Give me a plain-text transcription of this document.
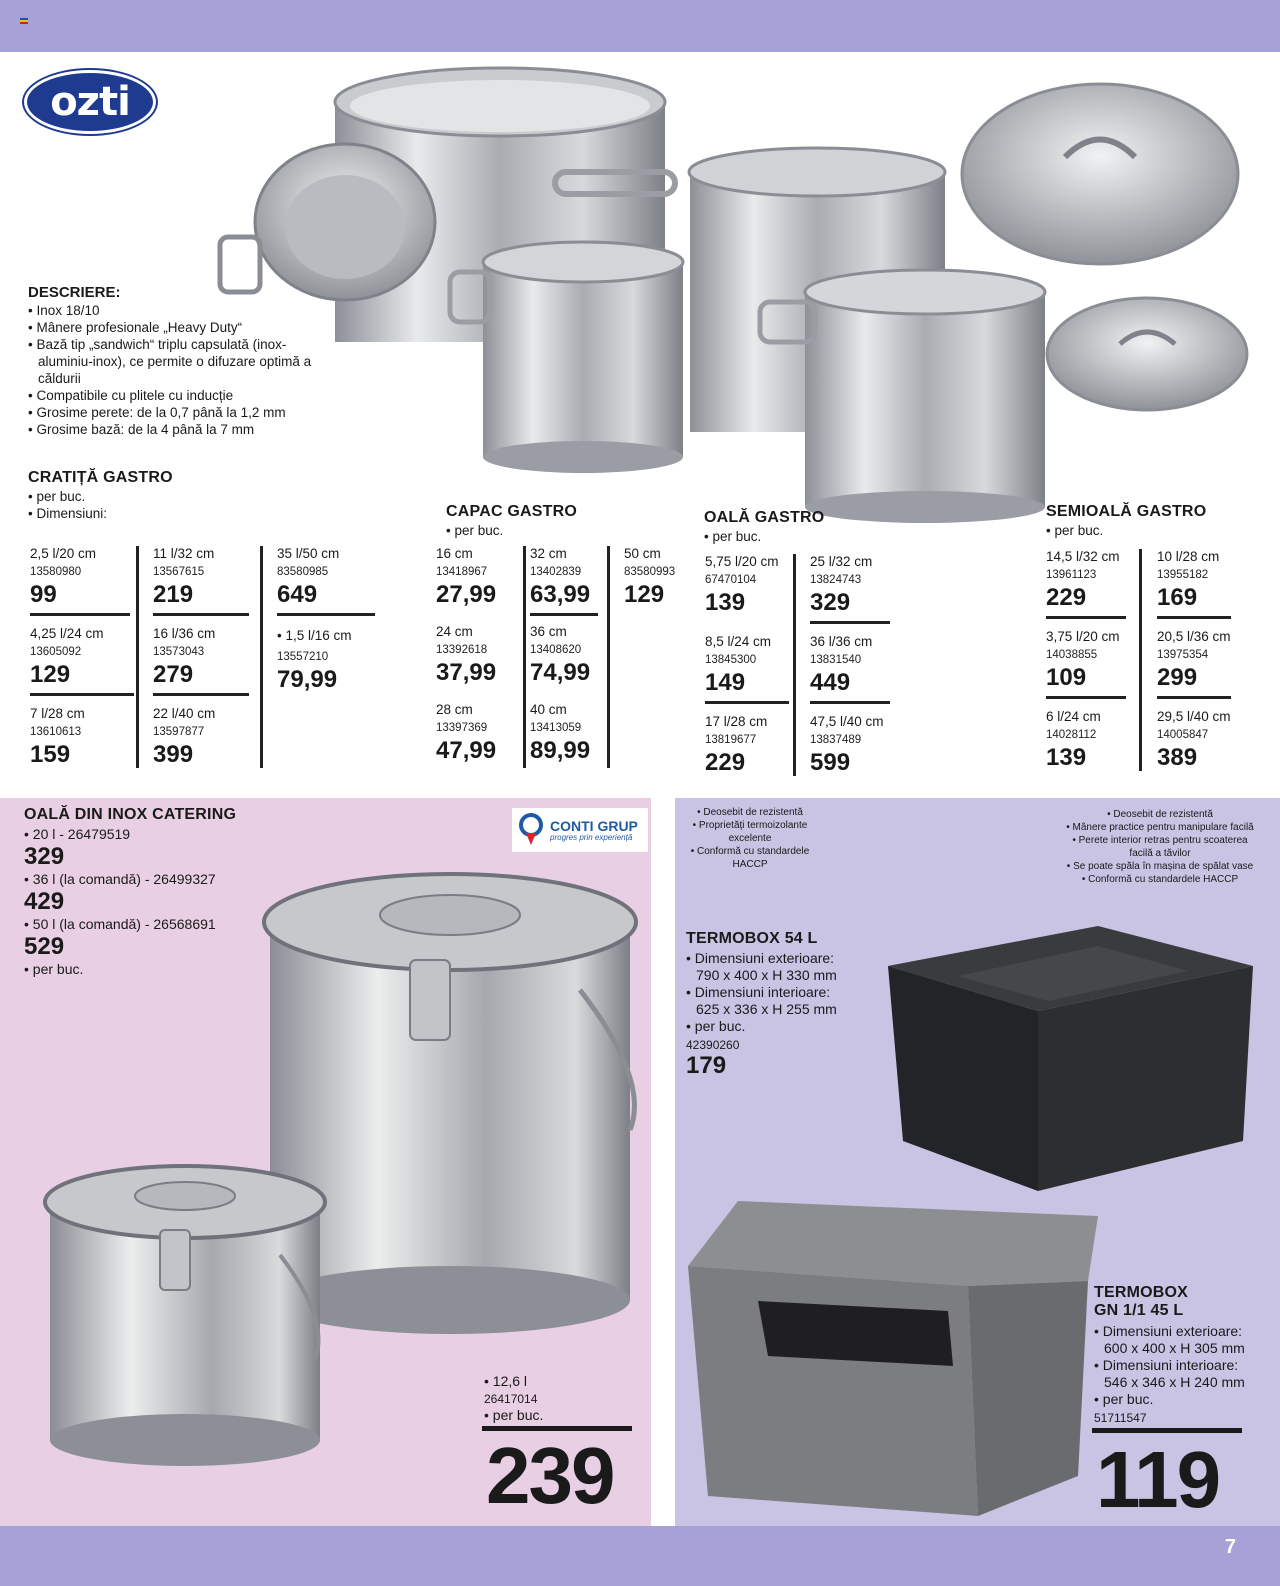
ozti
DESCRIERE:
• Inox 18/10
• Mânere profesionale „Heavy Duty“
• Bază tip „sandwich“ triplu capsulată (inox-aluminiu-inox), ce permite o difuzare optimă a căldurii
• Compatibile cu plitele cu inducție
• Grosime perete: de la 0,7 până la 1,2 mm
• Grosime bază: de la 4 până la 7 mm
CRATIȚĂ GASTRO
• per buc.
• Dimensiuni:
2,5 l/20 cm
13580980
99
4,25 l/24 cm
13605092
129
7 l/28 cm
13610613
159
11 l/32 cm
13567615
219
16 l/36 cm
13573043
279
22 l/40 cm
13597877
399
35 l/50 cm
83580985
649
• 1,5 l/16 cm
13557210
79,99
CAPAC GASTRO
• per buc.
16 cm
13418967
27,99
24 cm
13392618
37,99
28 cm
13397369
47,99
32 cm
13402839
63,99
36 cm
13408620
74,99
40 cm
13413059
89,99
50 cm
83580993
129
OALĂ GASTRO
• per buc.
5,75 l/20 cm
67470104
139
8,5 l/24 cm
13845300
149
17 l/28 cm
13819677
229
25 l/32 cm
13824743
329
36 l/36 cm
13831540
449
47,5 l/40 cm
13837489
599
SEMIOALĂ GASTRO
• per buc.
14,5 l/32 cm
13961123
229
3,75 l/20 cm
14038855
109
6 l/24 cm
14028112
139
10 l/28 cm
13955182
169
20,5 l/36 cm
13975354
299
29,5 l/40 cm
14005847
389
OALĂ DIN INOX CATERING
• 20 l - 26479519
329
• 36 l (la comandă) - 26499327
429
• 50 l (la comandă) - 26568691
529
• per buc.
CONTI GRUP
progres prin experiență
• 12,6 l
26417014
• per buc.
239
• Deosebit de rezistentă
• Proprietăți termoizolante excelente
• Conformă cu standardele HACCP
• Deosebit de rezistentă
• Mânere practice pentru manipulare facilă
• Perete interior retras pentru scoaterea facilă a tăvilor
• Se poate spăla în mașina de spălat vase
• Conformă cu standardele HACCP
TERMOBOX 54 L
• Dimensiuni exterioare:
790 x 400 x H 330 mm
• Dimensiuni interioare:
625 x 336 x H 255 mm
• per buc.
42390260
179
TERMOBOX
GN 1/1 45 L
• Dimensiuni exterioare:
600 x 400 x H 305 mm
• Dimensiuni interioare:
546 x 346 x H 240 mm
• per buc.
51711547
119
7
